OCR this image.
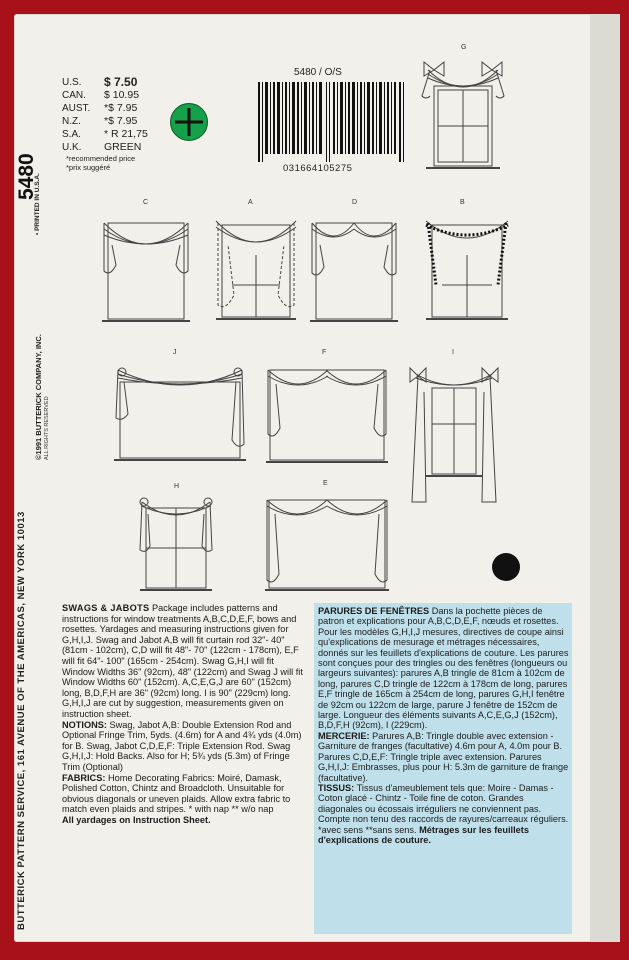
5480
• PRINTED IN U.S.A.
©1991 BUTTERICK COMPANY, INC. ALL RIGHTS RESERVED
BUTTERICK PATTERN SERVICE, 161 AVENUE OF THE AMERICAS, NEW YORK 10013
U.S.	$ 7.50
CAN.	$ 10.95
AUST.	*$ 7.95
N.Z.	*$ 7.95
S.A.	* R 21,75
U.K.	GREEN
*recommended price
*prix suggéré
5480 / O/S
031664105275
G
C	A	D	B
J	F	I
H	E

SWAGS & JABOTS Package includes patterns and instructions for window treatments A,B,C,D,E,F, bows and rosettes. Yardages and measuring instructions given for G,H,I,J. Swag and Jabot A,B will fit curtain rod 32"- 40" (81cm - 102cm), C,D will fit 48"- 70" (122cm - 178cm), E,F will fit 64"- 100" (165cm - 254cm). Swag G,H,I will fit Window Widths 36" (92cm), 48" (122cm) and Swag J will fit Window Widths 60" (152cm). A,C,E,G,J are 60" (152cm) long, B,D,F,H are 36" (92cm) long. I is 90" (229cm) long. G,H,I,J are cut by suggestion, measurements given on instruction sheet.

NOTIONS: Swag, Jabot A,B: Double Extension Rod and Optional Fringe Trim, 5yds. (4.6m) for A and 4¾ yds (4.0m) for B. Swag, Jabot C,D,E,F: Triple Extension Rod. Swag G,H,I,J: Hold Backs. Also for H; 5¾ yds (5.3m) of Fringe Trim (Optional)

FABRICS: Home Decorating Fabrics: Moiré, Damask, Polished Cotton, Chintz and Broadcloth. Unsuitable for obvious diagonals or uneven plaids. Allow extra fabric to match even plaids and stripes. * with nap ** w/o nap

All yardages on Instruction Sheet.

PARURES DE FENÊTRES Dans la pochette pièces de patron et explications pour A,B,C,D,E,F, nœuds et rosettes. Pour les modèles G,H,I,J mesures, directives de coupe ainsi qu'explications de mesurage et métrages nécessaires, donnés sur les feuillets d'explications de couture. Les parures sont conçues pour des tringles ou des fenêtres (longueurs ou largeurs suivantes): parures A,B tringle de 81cm à 102cm de long, parures C,D tringle de 122cm à 178cm de long, parures E,F tringle de 165cm à 254cm de long, parures G,H,I fenêtre de 92cm ou 122cm de large, parure J fenêtre de 152cm de large. Longueur des éléments suivants A,C,E,G,J (152cm), B,D,F,H (92cm), I (229cm).

MERCERIE: Parures A,B: Tringle double avec extension - Garniture de franges (facultative) 4.6m pour A, 4.0m pour B. Parures C,D,E,F: Tringle triple avec extension. Parures G,H,I,J: Embrasses, plus pour H: 5.3m de garniture de frange (facultative).

TISSUS: Tissus d'ameublement tels que: Moire - Damas - Coton glacé - Chintz - Toile fine de coton. Grandes diagonales ou écossais irréguliers ne conviennent pas. Compte non tenu des raccords de rayures/carreaux réguliers. *avec sens **sans sens. Métrages sur les feuillets d'explications de couture.
